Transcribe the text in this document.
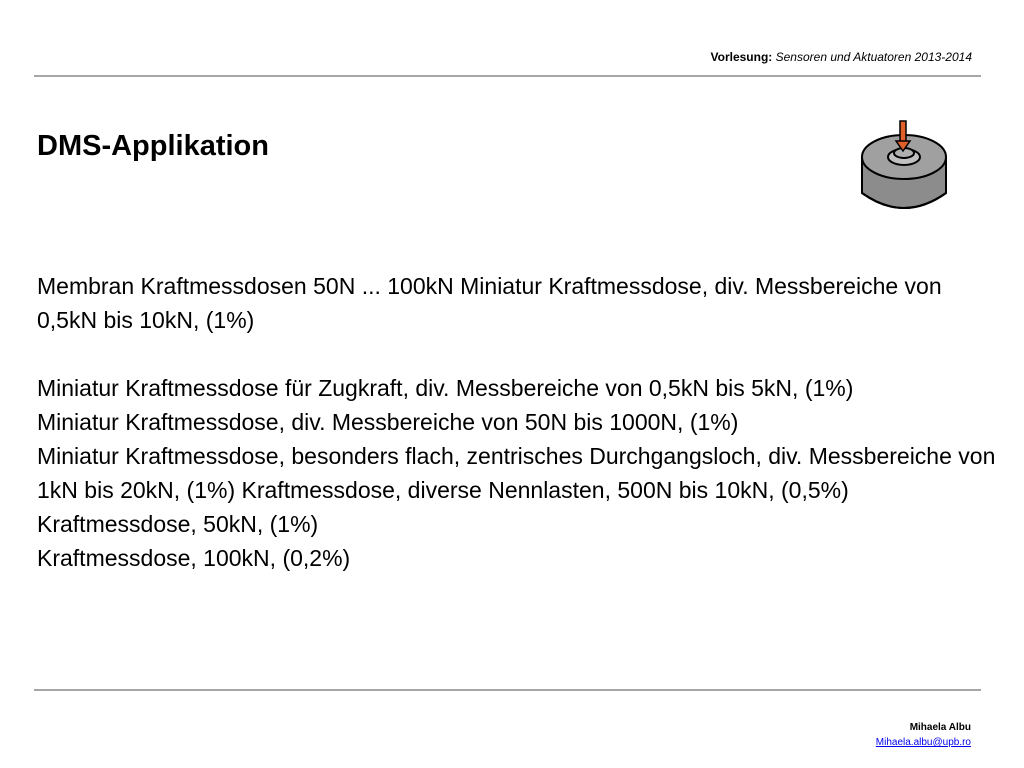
Vorlesung: Sensoren und Aktuatoren 2013-2014
DMS-Applikation

Membran Kraftmessdosen 50N ... 100kN Miniatur Kraftmessdose, div. Messbereiche von 0,5kN bis 10kN, (1%)

Miniatur Kraftmessdose für Zugkraft, div. Messbereiche von 0,5kN bis 5kN, (1%)

Miniatur Kraftmessdose, div. Messbereiche von 50N bis 1000N, (1%)

Miniatur Kraftmessdose, besonders flach, zentrisches Durchgangsloch, div. Messbereiche von 1kN bis 20kN, (1%) Kraftmessdose, diverse Nennlasten, 500N bis 10kN, (0,5%)

Kraftmessdose, 50kN, (1%)

Kraftmessdose, 100kN, (0,2%)

Mihaela Albu
Mihaela.albu@upb.ro
